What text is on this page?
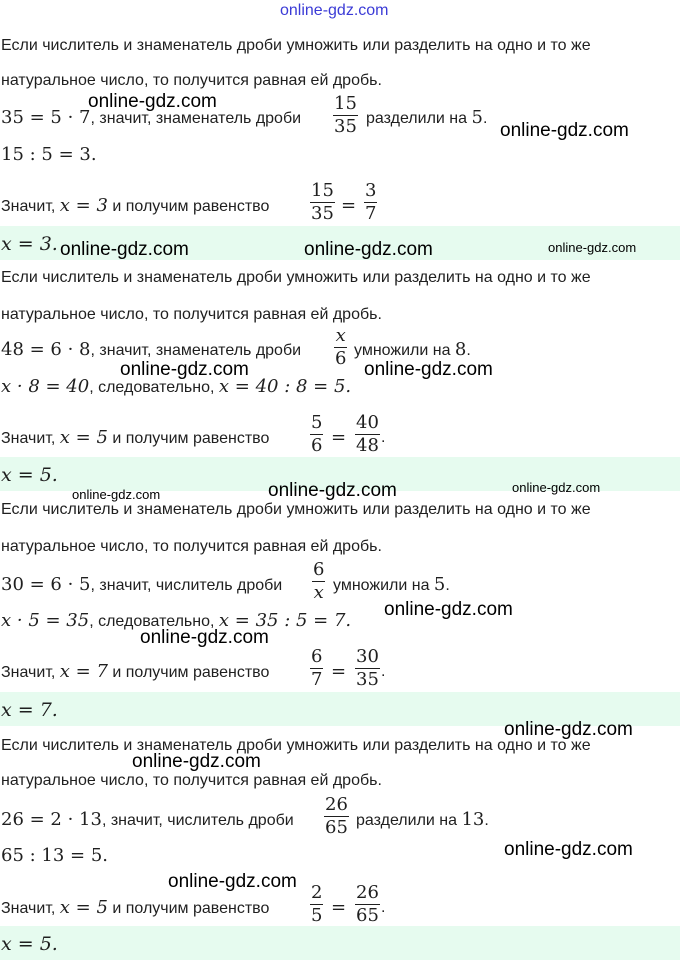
online-gdz.com
Если числитель и знаменатель дроби умножить или разделить на одно и то же
натуральное число, то получится равная ей дробь.
35 = 5 · 7, значит, знаменатель дроби
15
35 разделили на 5.
15 : 5 = 3.
Значит, x = 3 и получим равенство
15
35 =
3
7
x = 3.
Если числитель и знаменатель дроби умножить или разделить на одно и то же
натуральное число, то получится равная ей дробь.
48 = 6 · 8, значит, знаменатель дроби
x
6 умножили на 8.
x · 8 = 40, следовательно, x = 40 : 8 = 5.
Значит, x = 5 и получим равенство
5
6 =
40
48 .
x = 5.
Если числитель и знаменатель дроби умножить или разделить на одно и то же
натуральное число, то получится равная ей дробь.
30 = 6 · 5, значит, числитель дроби
6
x умножили на 5.
x · 5 = 35, следовательно, x = 35 : 5 = 7.
Значит, x = 7 и получим равенство
6
7 =
30
35 .
x = 7.
Если числитель и знаменатель дроби умножить или разделить на одно и то же
натуральное число, то получится равная ей дробь.
26 = 2 · 13, значит, числитель дроби
26
65 разделили на 13.
65 : 13 = 5.
Значит, x = 5 и получим равенство
2
5 =
26
65 .
x = 5.
online-gdz.com
online-gdz.com
online-gdz.com	online-gdz.com	online-gdz.com
online-gdz.com	online-gdz.com
online-gdz.com	online-gdz.com	online-gdz.com
online-gdz.com
online-gdz.com
online-gdz.com
online-gdz.com
online-gdz.com
online-gdz.com
